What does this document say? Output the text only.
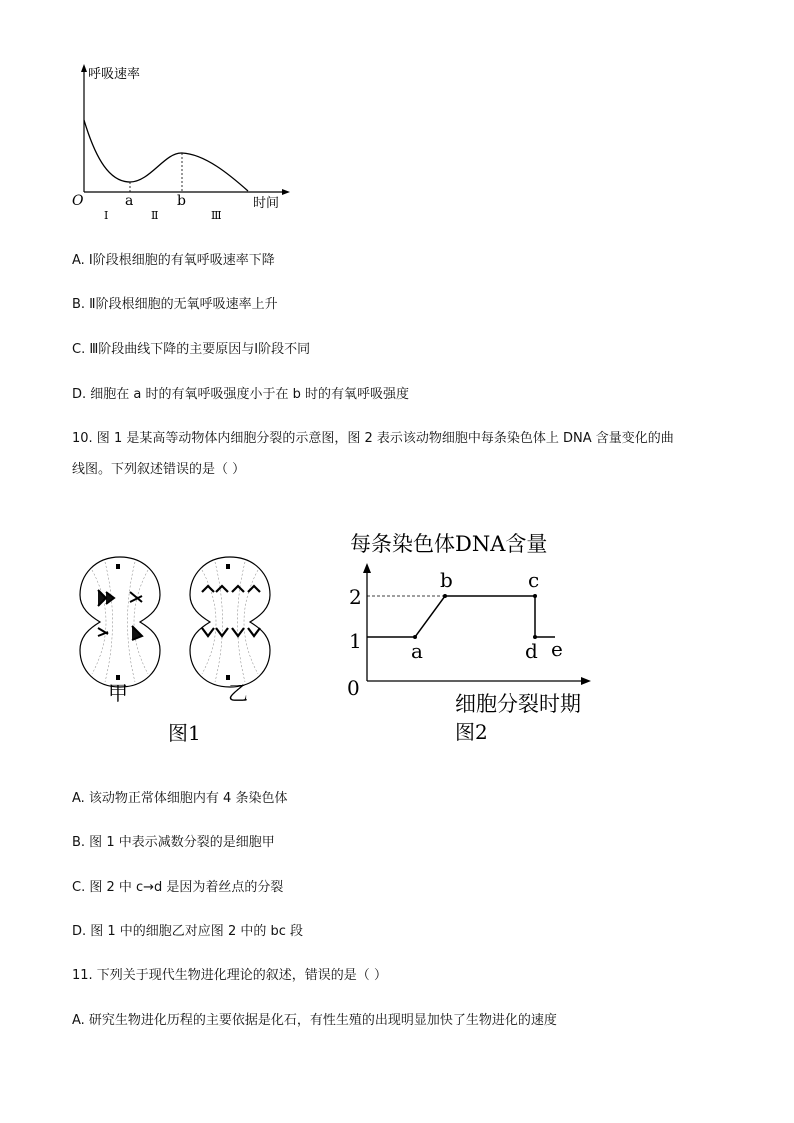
呼吸速率
O	时间
a	b
Ⅰ	Ⅱ	Ⅲ
A. Ⅰ阶段根细胞的有氧呼吸速率下降
B. Ⅱ阶段根细胞的无氧呼吸速率上升
C. Ⅲ阶段曲线下降的主要原因与Ⅰ阶段不同
D. 细胞在 a 时的有氧呼吸强度小于在 b 时的有氧呼吸强度
10. 图 1 是某高等动物体内细胞分裂的示意图，图 2 表示该动物细胞中每条染色体上 DNA 含量变化的曲
线图。下列叙述错误的是（ ）
甲	乙
图1
每条染色体DNA含量
2
1
0
a
b	c
d e
细胞分裂时期
图2
A. 该动物正常体细胞内有 4 条染色体
B. 图 1 中表示减数分裂的是细胞甲
C. 图 2 中 c→d 是因为着丝点的分裂
D. 图 1 中的细胞乙对应图 2 中的 bc 段
11. 下列关于现代生物进化理论的叙述，错误的是（ ）
A. 研究生物进化历程的主要依据是化石，有性生殖的出现明显加快了生物进化的速度
